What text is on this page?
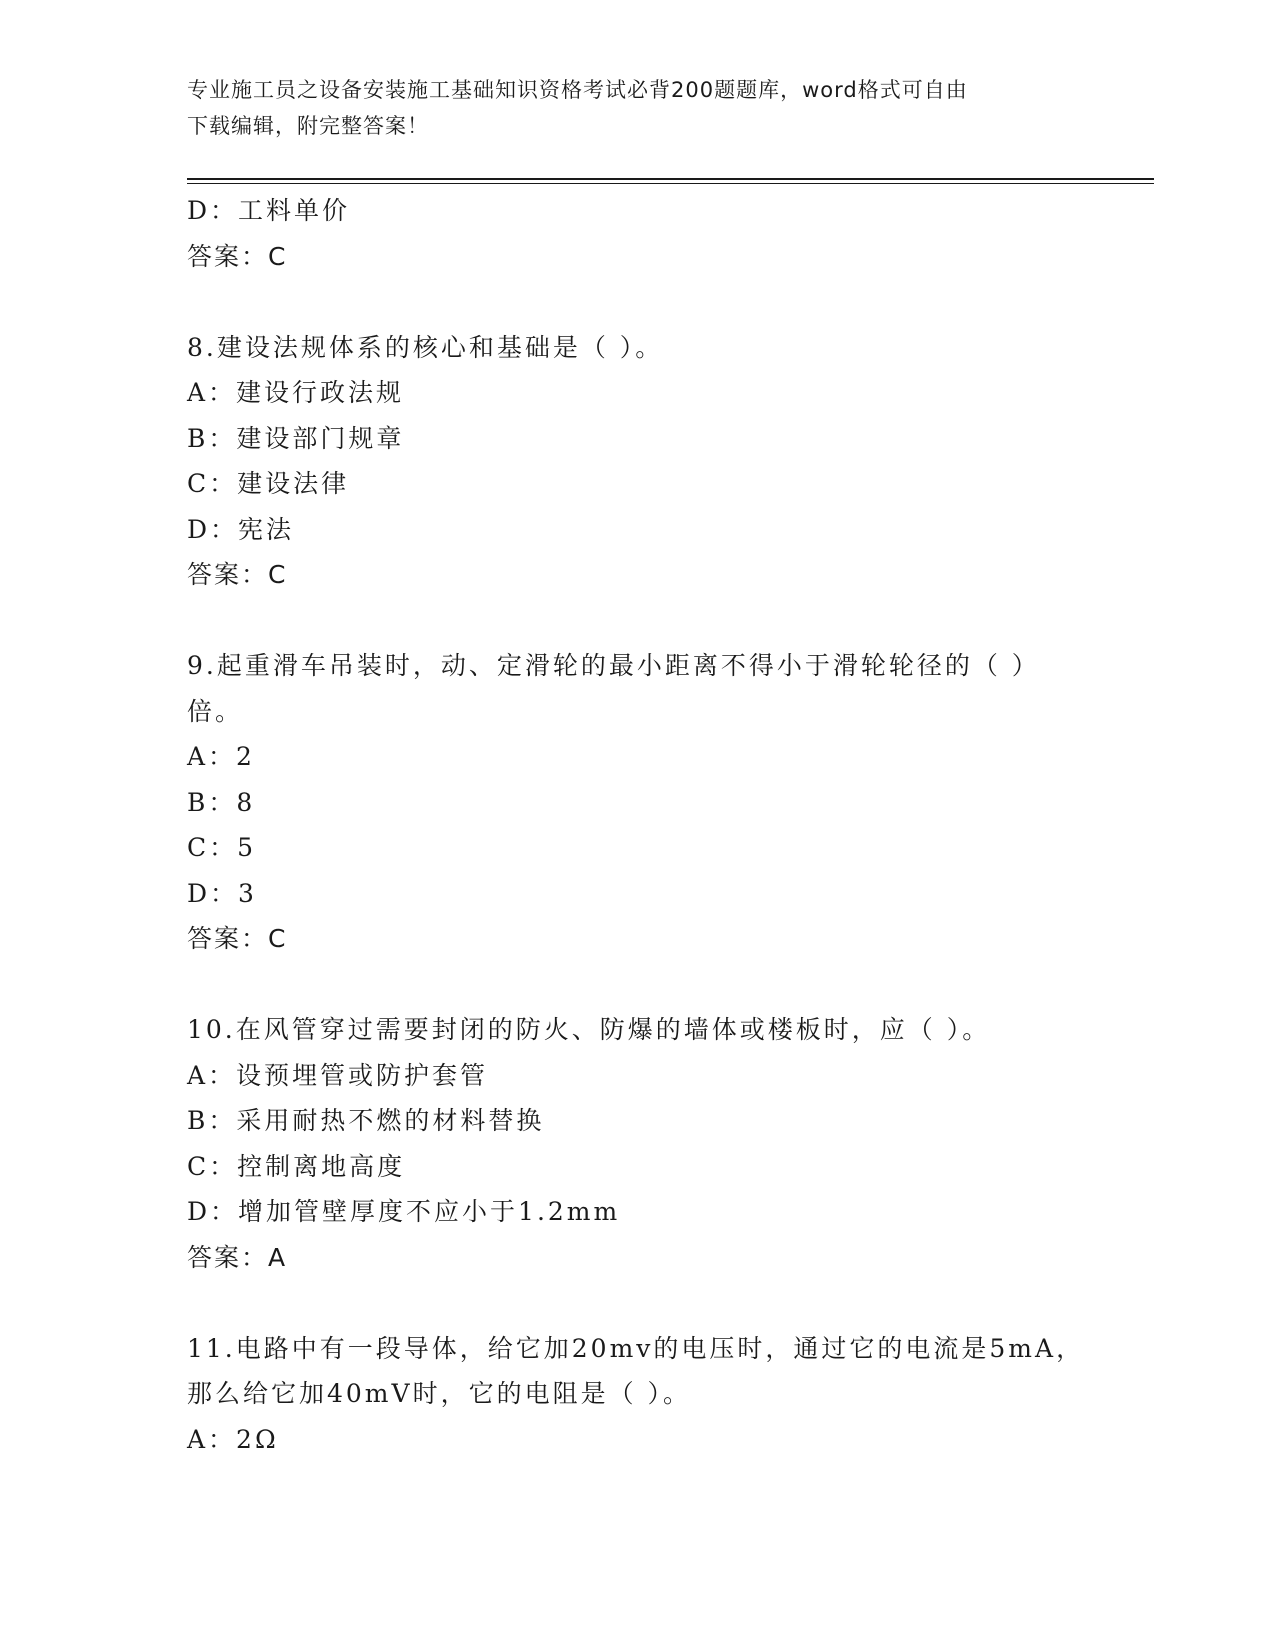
专业施工员之设备安装施工基础知识资格考试必背200题题库，word格式可自由
下载编辑，附完整答案！
D：工料单价
答案：C
8.建设法规体系的核心和基础是（ ）。
A：建设行政法规
B：建设部门规章
C：建设法律
D：宪法
答案：C
9.起重滑车吊装时，动、定滑轮的最小距离不得小于滑轮轮径的（ ）
倍。
A：2
B：8
C：5
D：3
答案：C
10.在风管穿过需要封闭的防火、防爆的墙体或楼板时，应（ ）。
A：设预埋管或防护套管
B：采用耐热不燃的材料替换
C：控制离地高度
D：增加管壁厚度不应小于1.2mm
答案：A
11.电路中有一段导体，给它加20mv的电压时，通过它的电流是5mA，
那么给它加40mV时，它的电阻是（ ）。
A：2Ω
